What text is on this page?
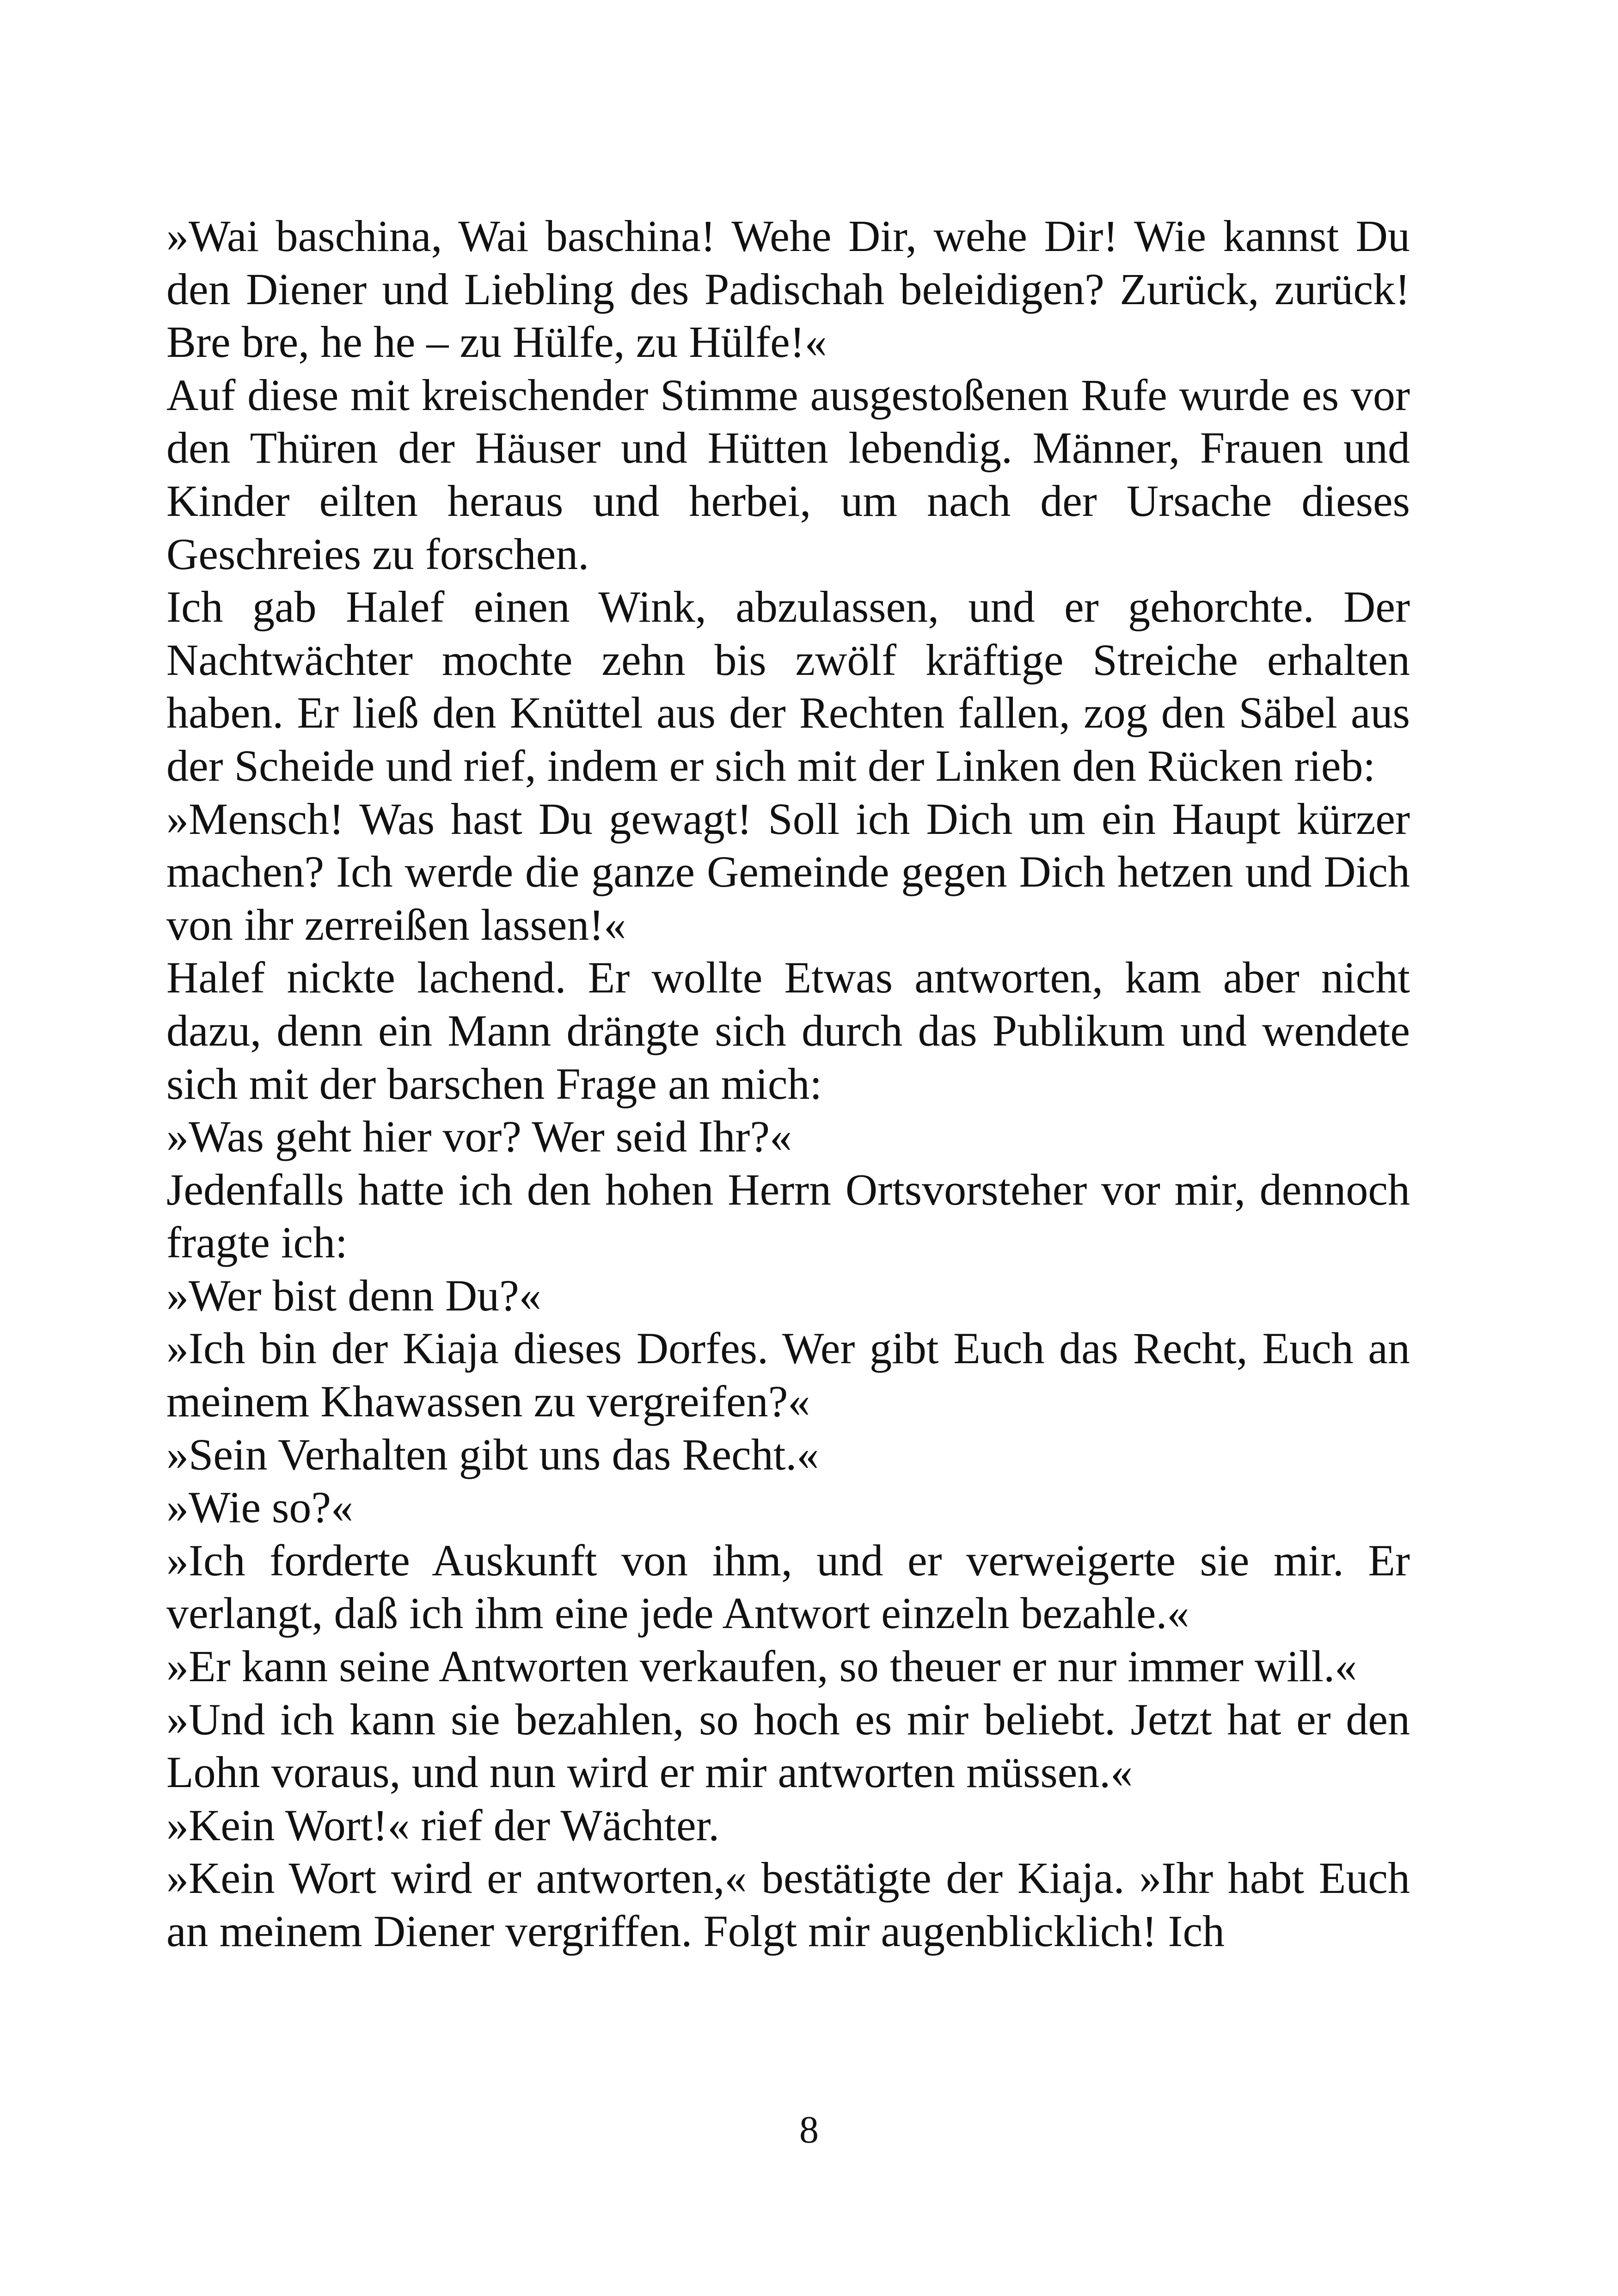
»Wai baschina, Wai baschina! Wehe Dir, wehe Dir! Wie kannst Du den Diener und Liebling des Padischah beleidigen? Zurück, zurück! Bre bre, he he – zu Hülfe, zu Hülfe!«

Auf diese mit kreischender Stimme ausgestoßenen Rufe wurde es vor den Thüren der Häuser und Hütten lebendig. Männer, Frauen und Kinder eilten heraus und herbei, um nach der Ursache dieses Geschreies zu forschen.

Ich gab Halef einen Wink, abzulassen, und er gehorchte. Der Nachtwächter mochte zehn bis zwölf kräftige Streiche erhalten haben. Er ließ den Knüttel aus der Rechten fallen, zog den Säbel aus der Scheide und rief, indem er sich mit der Linken den Rücken rieb:

»Mensch! Was hast Du gewagt! Soll ich Dich um ein Haupt kürzer machen? Ich werde die ganze Gemeinde gegen Dich hetzen und Dich von ihr zerreißen lassen!«

Halef nickte lachend. Er wollte Etwas antworten, kam aber nicht dazu, denn ein Mann drängte sich durch das Publikum und wendete sich mit der barschen Frage an mich:

»Was geht hier vor? Wer seid Ihr?«

Jedenfalls hatte ich den hohen Herrn Ortsvorsteher vor mir, dennoch fragte ich:

»Wer bist denn Du?«

»Ich bin der Kiaja dieses Dorfes. Wer gibt Euch das Recht, Euch an meinem Khawassen zu vergreifen?«

»Sein Verhalten gibt uns das Recht.«

»Wie so?«

»Ich forderte Auskunft von ihm, und er verweigerte sie mir. Er verlangt, daß ich ihm eine jede Antwort einzeln bezahle.«

»Er kann seine Antworten verkaufen, so theuer er nur immer will.«

»Und ich kann sie bezahlen, so hoch es mir beliebt. Jetzt hat er den Lohn voraus, und nun wird er mir antworten müssen.«

»Kein Wort!« rief der Wächter.

»Kein Wort wird er antworten,« bestätigte der Kiaja. »Ihr habt Euch an meinem Diener vergriffen. Folgt mir augenblicklich! Ich

8
